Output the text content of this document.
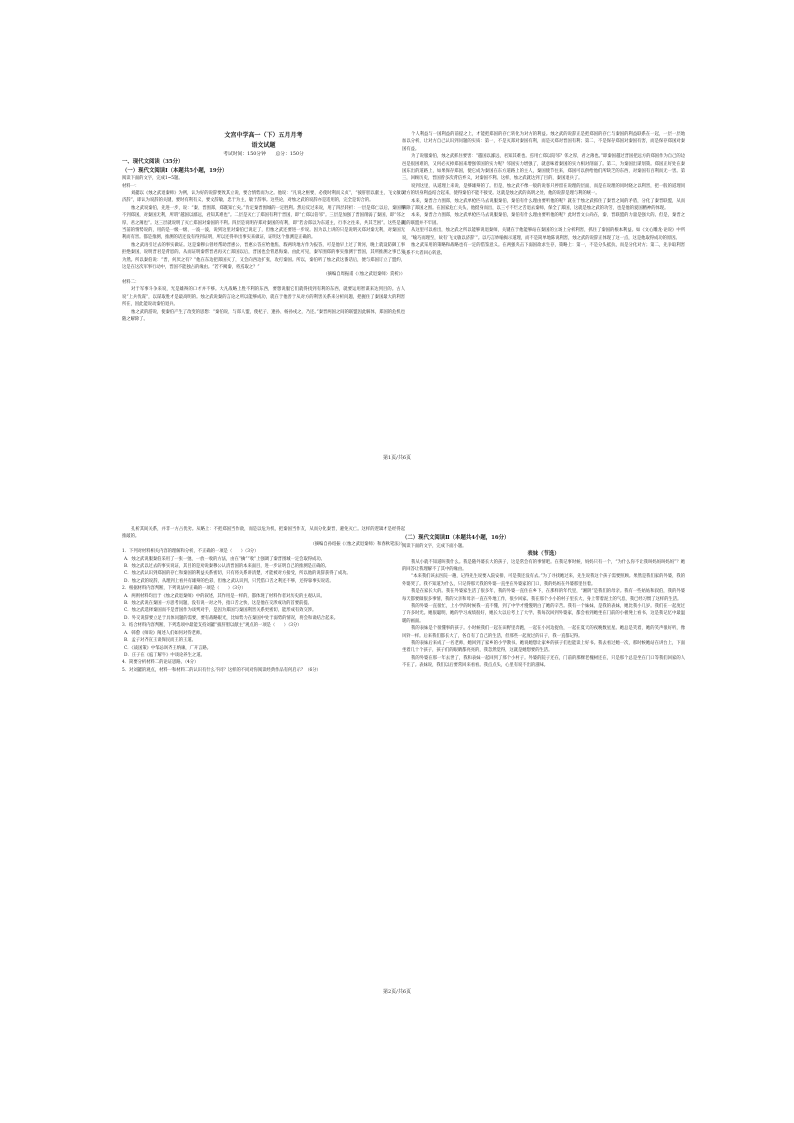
文宫中学高一（下）五月月考
语文试题
考试时间：150分钟　　总分：150分

一、现代文阅读（35分）

（一）现代文阅读Ⅰ（本题共5小题，19分）

阅读下面的文字，完成1~5题。

材料一：

刘勰以《烛之武退秦师》为例，认为好的说辞要致其立说，要合情势而为之。他说：“凡说之枢要，必使时利而义贞”，“披肝胆以献主，飞文敏以济辞”，即认为说辞的关键，要时有利有义，要文辞敏，忠于为主，敏于辞事。这些论，对烛之武的说辞亦是适用的，完全是切合的。

烛之武说秦伯，先进一步，说：“秦、晋围郑，郑既知亡矣。”肯定秦晋围城的一定胜利。然后反过来说，用了四层转折：一层是郑亡以后，秦国得不到郑国，对秦国无利，所谓“越国以鄙远，君知其难也”。二层是灭亡了郑国有利于晋国，即“亡郑以倍邻”。三层是加强了晋国削弱了秦国，即“邻之厚，君之薄也”。这三层就说明了灭亡郑国对秦国的不利。四层是说明存郑对秦国的有利，即“若舍郑以为东道主，行李之往来，共其乏困”。这些是就当前的情势说的，用的是一级一级、一波一波，说到这里对秦伯已说定了，但烛之武还要进一步说。因为以上讲的只是说明灭郑对秦无利，对秦国无利而有害。都是推测，推测的话还没有得到证明，所以还得举出事实来做证，证明这个推测是正确的。

烛之武再引过去的事实做证。这是秦穆公曾经帮助晋惠公，晋惠公答应给他焦、瑕两块地方作为报答，可是他早上过了黄河，晚上就设防御工事拒绝秦国，说明晋君是背恩的。从而证明秦帮晋君再灭亡郑国以后，晋国也会背恩侮秦。由此可见，秦军围郑的事实推测于晋国，其所推测之事已实为然。所以秦伯说：“晋，何厌之有？”他在东边把郑国灭了，又会向西边扩张，攻打秦国。所以，秦伯听了烛之武这番话后，便与郑国订立了盟约，这是在这次军事行动中，晋国不能独占的缘由。“若不阙秦，将焉取之？”

（摘编自周振甫《〈烛之武退秦师〉赏析》）

材料二：

对于军事斗争来说，光是雄辩的口才并不够。大凡战略上胜不利的东西，要想说服它们就得找到有利的东西，就要运用智谋来达到目的。古人说“上兵伐谋”，以谋取胜才是最高明的。烛之武说秦的言论之所以能够成功，就在于他善于从对方的利害关系来分析问题，把握住了秦国最大的利害所在，因此能说动秦伯退兵。

烛之武的游说，使秦伯产生了改变的思想：“秦伯说，与郑人盟，使杞子、逢孙、杨孙戍之，乃还。”秦晋两国之间的联盟因此解体，郑国的危机也随之解除了。

个人利益与一国利益的前提之上，才能把郑国的存亡转化为对方的利益。烛之武的说辞正是把郑国的存亡与秦国的利益联系在一起，一层一层地加以分析，让对方自己认识到问题的实质：第一，不是灭郑对秦国有利，而是灭郑对晋国有利；第二，不是保存郑国对秦国有害，而是保存郑国对秦国有益。

为了说服秦伯，烛之武抓住要害：“越国以鄙远，君知其难也。焉用亡郑以陪邻？邻之厚，君之薄也。”即秦国越过晋国把远方的郑国作为自己的边邑是很困难的，又何必灭掉郑国来增强邻国的实力呢？邻国实力增强了，就意味着秦国的实力相对削弱了。第二，为秦国出谋划策。郑国正好处在秦国东出的道路上，如果保存郑国，使它成为秦国在东方道路上的主人，秦国使节往来，郑国可以供给他们所缺乏的东西，对秦国有百利而无一害。第三，回顾历史，晋国曾多次背信弃义，对秦国不利。这样，烛之武就达到了目的，秦国退兵了。

说到这里，从道理上来说，是够雄辩的了。但是，烛之武不像一般的说客只停留在说理的层面，而是在说理的同时晓之以利害，把一般的道理同对方的切身利益结合起来，使得秦伯不能不接受。这就是烛之武的高明之处，他的说辞是理与利的统一。

本来，秦晋合力围郑，烛之武单枪匹马去说服秦伯，秦伯有什么理由要听他的呢？就在于烛之武抓住了秦晋之间的矛盾，分化了秦晋联盟，从而解除了郑国之围。在国家危亡关头，他挺身而出，以三寸不烂之舌退去秦师，保全了郑国，这就是烛之武的功劳，也是他的爱国精神的体现。

本来，秦晋合力围郑，烛之武单枪匹马去说服秦伯，秦伯有什么理由要听他的呢？此时晋文公尚在，秦、晋联盟的力量是强大的。但是，秦晋之间的联盟并不牢固。

从这里可以看出，烛之武之所以能够说退秦师，关键在于他能够站在秦国的立场上分析利害，抓住了秦国的根本利益。如《文心雕龙·论说》中所说，“喻巧而理至，故有‘飞文敏以济辞’”。以巧言妙喻揭示道理，而不是简单地陈说利害，烛之武的说辞正体现了这一点，这是他取得成功的原因。

烛之武采用的策略和战略也有一定的借鉴意义。在两强夹击下弱国欲求生存，策略上：第一，不是分头抵抗，而是分化对方；第二，先争取利害关系不大者回心转意。

第1页/共6页

孔析其间关系，并非一方占优劣。从略上：不把郑国当作敌，而是以危为机，把秦国当作友，从而分化秦晋，避免灭亡。这样的逻辑才是经得起推敲的。

（摘编自孙绍振《〈烛之武退秦师〉和春秋笔法》）

1．下列对材料相关内容的理解和分析，不正确的一项是（　　）（3分）

A．烛之武说服秦伯采用了一张一弛、一放一收的方法，由在“擒”“收”上强调了秦晋围城一定会取得成功。

B．烛之武以过去的事实说证，其目的是劝说秦穆公认清晋国的本来面目，进一步证明自己的推测是正确的。

C．烛之武认识到郑国的存亡和秦国的利益关系密切，只有将关系讲清楚，才能被对方接受，所以他的说辞获得了成功。

D．烛之武的说辞，从理到上看共有雄辩的色彩，但烛之武认识到，只凭借口舌之利还不够，还得靠事实说话。

2．根据材料内容判断，下列说法中正确的一项是（　　）（3分）

A．两则材料均出于《烛之武退秦师》中的叙述，其作用是一样的，都体现了材料作者对历史的主观认识。

B．烛之武说在秦国一方思考问题，没有说一对之外，指口舌之快，这是他在交涉成功的首要前提。

C．烛之武选择秦国而不是晋国作为谈判对手，是因为郑国与秦国利害关系更密切，能形成有效交涉。

D．外交说辞要立足于具体问题的需要，要有战略眼光，比如势力在秦国中处于弱势的情况，将会和谈结合起来。

3．结合材料内容判断，下列选项中最能支持刘勰“披肝胆以献主”观点的一项是（　　）（3分）

A．韩愈《师说》阐述人们如何对待老师。

B．孟子对齐宣王谈保民而王的王道。

C．《战国策》中邹忌讽齐王纳谏，广开言路。

D．庄子在《庖丁解牛》中谈论养生之道。

4．简要分析材料二的论证思路。（4分）

5．对刘勰的观点，材料一和材料二的认识有什么不同？这样的不同对你阅读经典作品有何启示？（6分）

（二）现代文阅读Ⅱ（本题共4小题，16分）

阅读下面的文字，完成下面小题。

表妹（节选）

我从小就不知道叫我什么。我是随外婆长大的孩子，这是常会有的事情吧。在我记事时候，妈妈只有一个，“为什么你不让我叫妈妈叫妈妈”？她的回答让我理解不了其中的缘由。

“本来我们该去医院一趟，记得先生说要入院安排，可是我还没有去。”为了寻找她过来，先生说我这个孩子需要照顾。果然是我们家的外婆，我的外婆哭了。我不知道为什么，只记得那天我的外婆一直坐在外婆家的门口，我的妈妈在外婆那里住着。

我是在家长大的。我在外婆家生活了很多年，我的外婆一直住在乡下，在那样的年代里，“湘阴”是我们的母亲。我有一些姑姑和叔伯，我的外婆每天都要做很多事情，我的父亲和母亲一直在外地工作，很少回家。我在那个小小的村子里长大，身上带着泥土的气息，我已经习惯了这样的生活。

我的外婆一直很忙，上小学的时候我一直不懂，到了中学才慢慢明白了她的辛苦。我有一个妹妹，是我的表妹，她比我小几岁。我们在一起度过了许多时光。她很聪明，她的学习成绩很好，她长大以后考上了大学。我每次回到外婆家，都会看到她坐在门前的小板凳上看书，这是我记忆中最温暖的画面。

我的表妹是个很懂事的孩子。小时候我们一起在田野里奔跑，一起在小河边捉鱼，一起在夏天的夜晚数星星。她总是笑着，她的笑声很好听，像风铃一样。后来我们都长大了，各自有了自己的生活，但那些一起度过的日子，我一直都记得。

我的表妹后来成了一名老师，她回到了家乡的小学教书。她说她想让家乡的孩子们也能读上好书。我去看过她一次，那时候她站在讲台上，下面坐着几十个孩子，孩子们的眼睛都亮亮的，我忽然觉得，这就是她想要的生活。

我的外婆在那一年去世了，我和表妹一起回到了那个小村子。外婆的院子还在，门前的那棵老槐树还在，只是那个总是坐在门口等我们回家的人不在了。表妹说，我们以后要常回来看看。我点点头，心里有说不出的滋味。

第2页/共6页
